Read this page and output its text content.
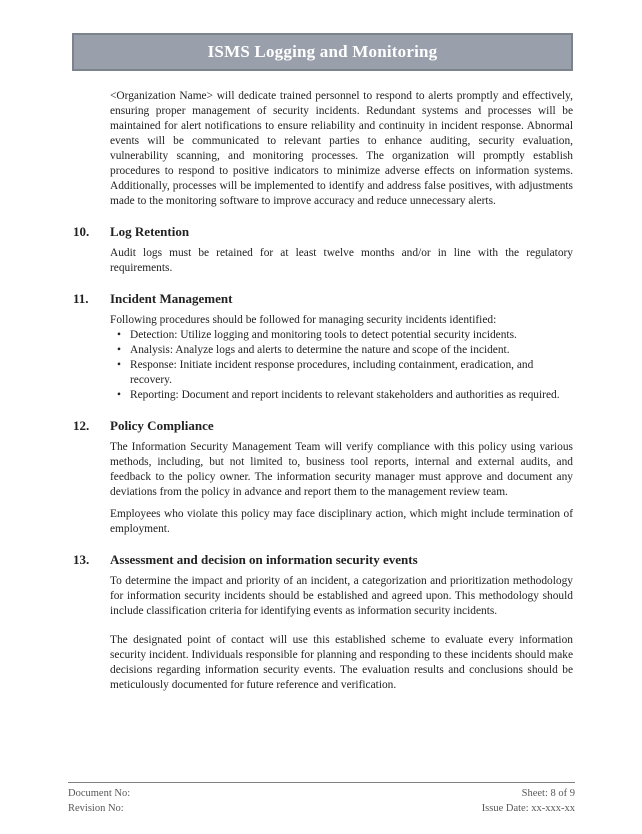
ISMS Logging and Monitoring

<Organization Name> will dedicate trained personnel to respond to alerts promptly and effectively, ensuring proper management of security incidents. Redundant systems and processes will be maintained for alert notifications to ensure reliability and continuity in incident response. Abnormal events will be communicated to relevant parties to enhance auditing, security evaluation, vulnerability scanning, and monitoring processes. The organization will promptly establish procedures to respond to positive indicators to minimize adverse effects on information systems. Additionally, processes will be implemented to identify and address false positives, with adjustments made to the monitoring software to improve accuracy and reduce unnecessary alerts.

10. Log Retention

Audit logs must be retained for at least twelve months and/or in line with the regulatory requirements.

11. Incident Management

Following procedures should be followed for managing security incidents identified:

• Detection: Utilize logging and monitoring tools to detect potential security incidents.
• Analysis: Analyze logs and alerts to determine the nature and scope of the incident.
• Response: Initiate incident response procedures, including containment, eradication, and recovery.
• Reporting: Document and report incidents to relevant stakeholders and authorities as required.
12. Policy Compliance

The Information Security Management Team will verify compliance with this policy using various methods, including, but not limited to, business tool reports, internal and external audits, and feedback to the policy owner. The information security manager must approve and document any deviations from the policy in advance and report them to the management review team.

Employees who violate this policy may face disciplinary action, which might include termination of employment.

13. Assessment and decision on information security events

To determine the impact and priority of an incident, a categorization and prioritization methodology for information security incidents should be established and agreed upon. This methodology should include classification criteria for identifying events as information security incidents.

The designated point of contact will use this established scheme to evaluate every information security incident. Individuals responsible for planning and responding to these incidents should make decisions regarding information security events. The evaluation results and conclusions should be meticulously documented for future reference and verification.

Document No:
Revision No:
Sheet: 8 of 9
Issue Date: xx-xxx-xx
